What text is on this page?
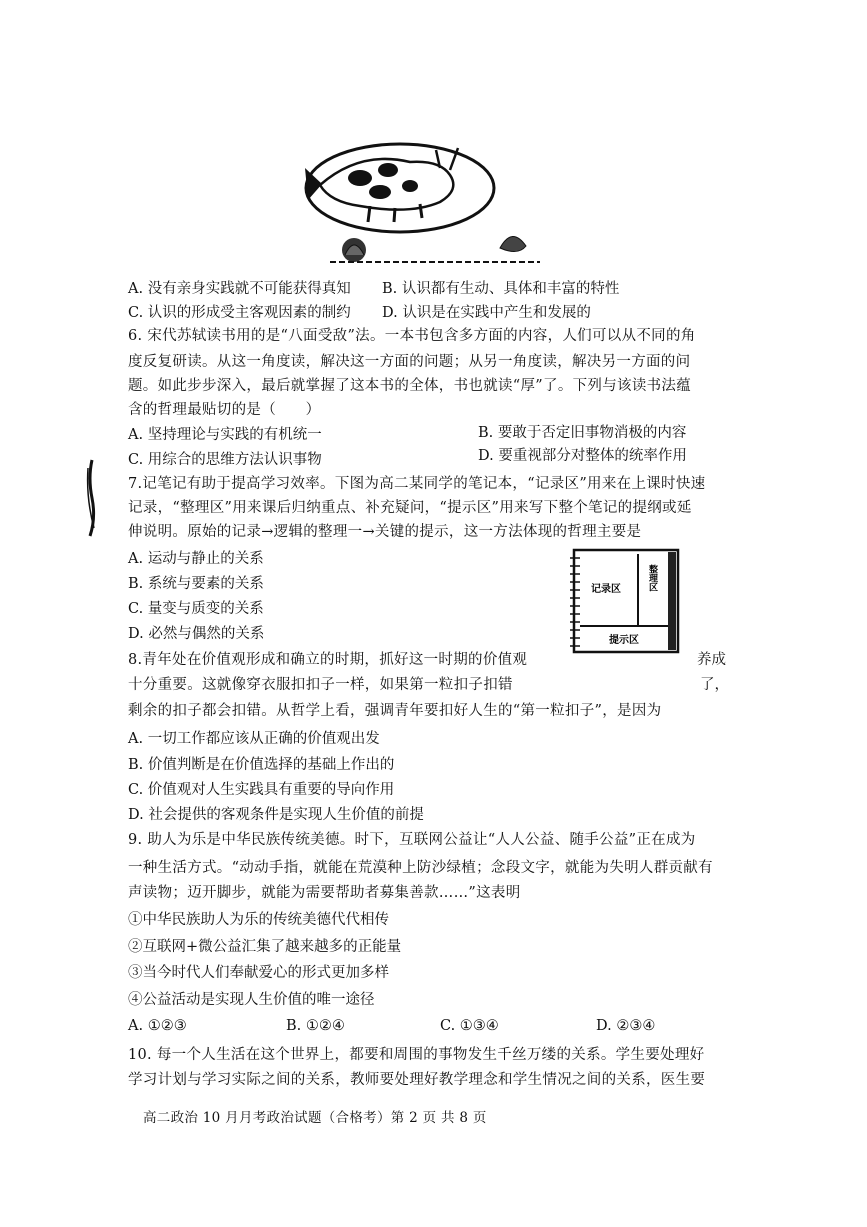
A. 没有亲身实践就不可能获得真知 B. 认识都有生动、具体和丰富的特性
C. 认识的形成受主客观因素的制约 D. 认识是在实践中产生和发展的
6. 宋代苏轼读书用的是“八面受敌”法。一本书包含多方面的内容，人们可以从不同的角
度反复研读。从这一角度读，解决这一方面的问题；从另一角度读，解决另一方面的问
题。如此步步深入，最后就掌握了这本书的全体，书也就读“厚”了。下列与该读书法蕴
含的哲理最贴切的是（　　）
A. 坚持理论与实践的有机统一	B. 要敢于否定旧事物消极的内容
C. 用综合的思维方法认识事物	D. 要重视部分对整体的统率作用
7.记笔记有助于提高学习效率。下图为高二某同学的笔记本，“记录区”用来在上课时快速
记录，“整理区”用来课后归纳重点、补充疑问，“提示区”用来写下整个笔记的提纲或延
伸说明。原始的记录→逻辑的整理一→关键的提示，这一方法体现的哲理主要是
A. 运动与静止的关系
B. 系统与要素的关系
C. 量变与质变的关系
D. 必然与偶然的关系
记录区	整理区
提示区
8.青年处在价值观形成和确立的时期，抓好这一时期的价值观	养成
十分重要。这就像穿衣服扣扣子一样，如果第一粒扣子扣错	了，
剩余的扣子都会扣错。从哲学上看，强调青年要扣好人生的“第一粒扣子”，是因为
A. 一切工作都应该从正确的价值观出发
B. 价值判断是在价值选择的基础上作出的
C. 价值观对人生实践具有重要的导向作用
D. 社会提供的客观条件是实现人生价值的前提
9. 助人为乐是中华民族传统美德。时下，互联网公益让“人人公益、随手公益”正在成为
一种生活方式。“动动手指，就能在荒漠种上防沙绿植；念段文字，就能为失明人群贡献有
声读物；迈开脚步，就能为需要帮助者募集善款……”这表明
①中华民族助人为乐的传统美德代代相传
②互联网+微公益汇集了越来越多的正能量
③当今时代人们奉献爱心的形式更加多样
④公益活动是实现人生价值的唯一途径
A. ①②③	B. ①②④	C. ①③④	D. ②③④
10. 每一个人生活在这个世界上，都要和周围的事物发生千丝万缕的关系。学生要处理好
学习计划与学习实际之间的关系，教师要处理好教学理念和学生情况之间的关系，医生要
高二政治 10 月月考政治试题（合格考）第 2 页 共 8 页
